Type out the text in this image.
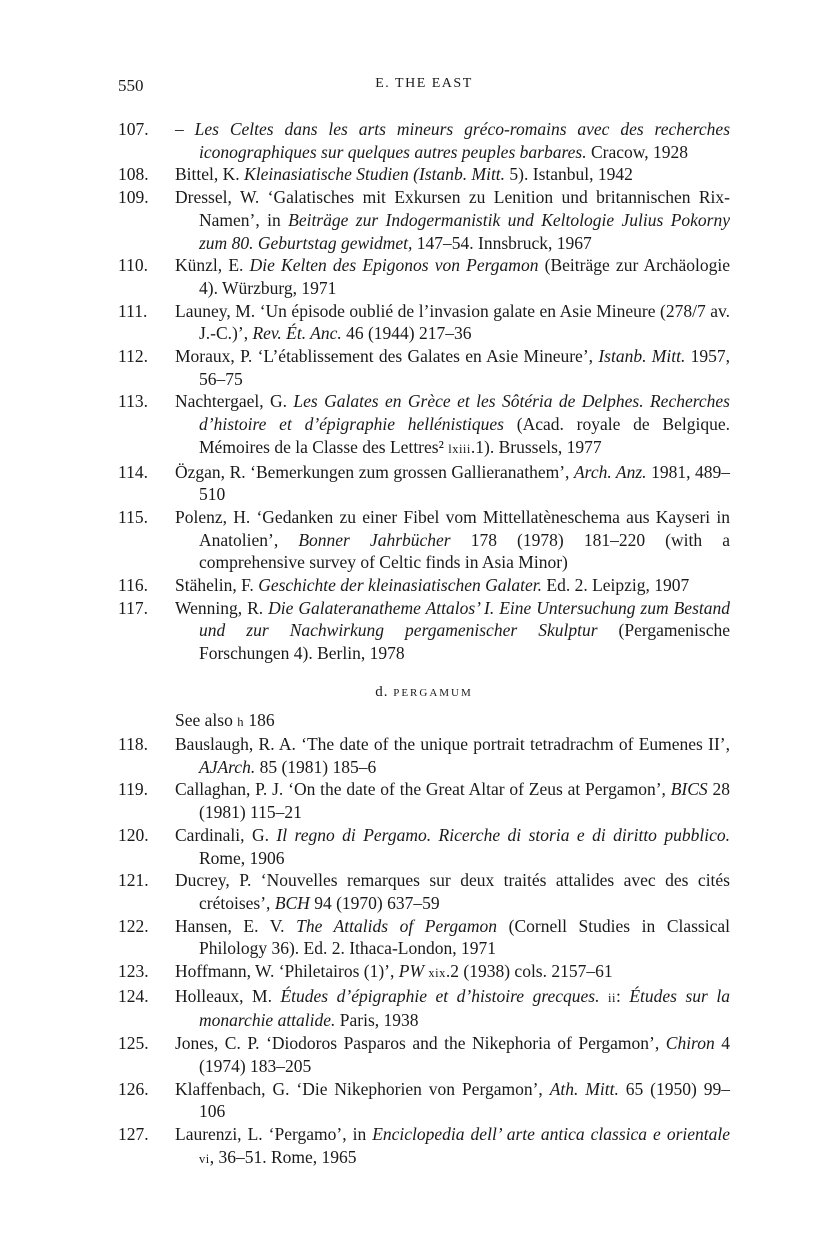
550	E. THE EAST
107. – Les Celtes dans les arts mineurs gréco-romains avec des recherches iconographiques sur quelques autres peuples barbares. Cracow, 1928
108. Bittel, K. Kleinasiatische Studien (Istanb. Mitt. 5). Istanbul, 1942
109. Dressel, W. ‘Galatisches mit Exkursen zu Lenition und britannischen Rix-Namen’, in Beiträge zur Indogermanistik und Keltologie Julius Pokorny zum 80. Geburtstag gewidmet, 147–54. Innsbruck, 1967
110. Künzl, E. Die Kelten des Epigonos von Pergamon (Beiträge zur Archäologie 4). Würzburg, 1971
111. Launey, M. ‘Un épisode oublié de l’invasion galate en Asie Mineure (278/7 av. J.-C.)’, Rev. Ét. Anc. 46 (1944) 217–36
112. Moraux, P. ‘L’établissement des Galates en Asie Mineure’, Istanb. Mitt. 1957, 56–75
113. Nachtergael, G. Les Galates en Grèce et les Sôtéria de Delphes. Recherches d’histoire et d’épigraphie hellénistiques (Acad. royale de Belgique. Mémoires de la Classe des Lettres² lxiii.1). Brussels, 1977
114. Özgan, R. ‘Bemerkungen zum grossen Gallieranathem’, Arch. Anz. 1981, 489–510
115. Polenz, H. ‘Gedanken zu einer Fibel vom Mittellatèneschema aus Kayseri in Anatolien’, Bonner Jahrbücher 178 (1978) 181–220 (with a comprehensive survey of Celtic finds in Asia Minor)
116. Stähelin, F. Geschichte der kleinasiatischen Galater. Ed. 2. Leipzig, 1907
117. Wenning, R. Die Galateranatheme Attalos’ I. Eine Untersuchung zum Bestand und zur Nachwirkung pergamenischer Skulptur (Pergamenische Forschungen 4). Berlin, 1978
d. PERGAMUM
See also h 186
118. Bauslaugh, R. A. ‘The date of the unique portrait tetradrachm of Eumenes II’, AJArch. 85 (1981) 185–6
119. Callaghan, P. J. ‘On the date of the Great Altar of Zeus at Pergamon’, BICS 28 (1981) 115–21
120. Cardinali, G. Il regno di Pergamo. Ricerche di storia e di diritto pubblico. Rome, 1906
121. Ducrey, P. ‘Nouvelles remarques sur deux traités attalides avec des cités crétoises’, BCH 94 (1970) 637–59
122. Hansen, E. V. The Attalids of Pergamon (Cornell Studies in Classical Philology 36). Ed. 2. Ithaca-London, 1971
123. Hoffmann, W. ‘Philetairos (1)’, PW xix.2 (1938) cols. 2157–61
124. Holleaux, M. Études d’épigraphie et d’histoire grecques. ii: Études sur la monarchie attalide. Paris, 1938
125. Jones, C. P. ‘Diodoros Pasparos and the Nikephoria of Pergamon’, Chiron 4 (1974) 183–205
126. Klaffenbach, G. ‘Die Nikephorien von Pergamon’, Ath. Mitt. 65 (1950) 99–106
127. Laurenzi, L. ‘Pergamo’, in Enciclopedia dell’ arte antica classica e orientale vi, 36–51. Rome, 1965
